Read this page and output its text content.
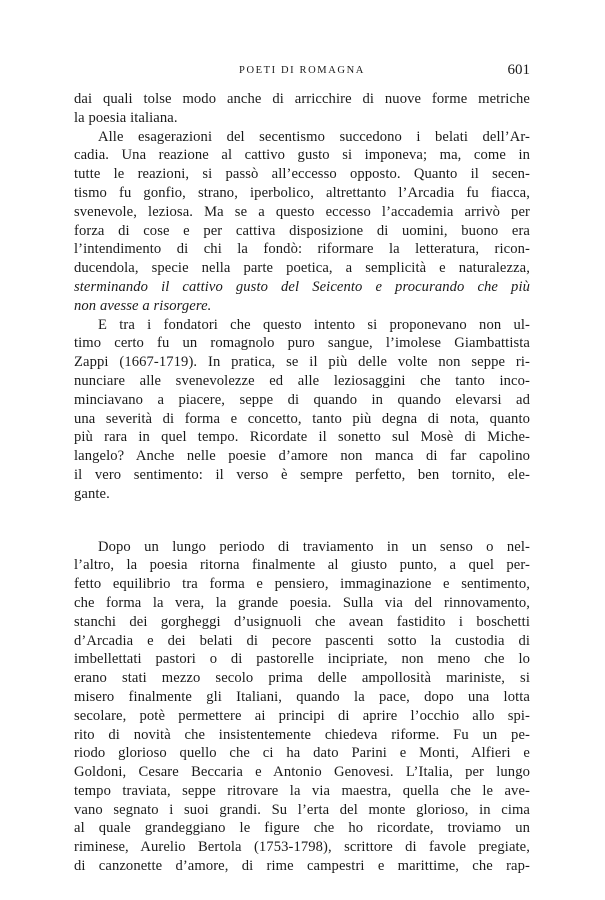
POETI DI ROMAGNA	601

dai quali tolse modo anche di arricchire di nuove forme metriche

la poesia italiana.

Alle esagerazioni del secentismo succedono i belati dell’Ar-

cadia. Una reazione al cattivo gusto si imponeva; ma, come in

tutte le reazioni, si passò all’eccesso opposto. Quanto il secen-

tismo fu gonfio, strano, iperbolico, altrettanto l’Arcadia fu fiacca,

svenevole, leziosa. Ma se a questo eccesso l’accademia arrivò per

forza di cose e per cattiva disposizione di uomini, buono era

l’intendimento di chi la fondò: riformare la letteratura, ricon-

ducendola, specie nella parte poetica, a semplicità e naturalezza,

sterminando il cattivo gusto del Seicento e procurando che più

non avesse a risorgere.

E tra i fondatori che questo intento si proponevano non ul-

timo certo fu un romagnolo puro sangue, l’imolese Giambattista

Zappi (1667-1719). In pratica, se il più delle volte non seppe ri-

nunciare alle svenevolezze ed alle leziosaggini che tanto inco-

minciavano a piacere, seppe di quando in quando elevarsi ad

una severità di forma e concetto, tanto più degna di nota, quanto

più rara in quel tempo. Ricordate il sonetto sul Mosè di Miche-

langelo? Anche nelle poesie d’amore non manca di far capolino

il vero sentimento: il verso è sempre perfetto, ben tornito, ele-

gante.

Dopo un lungo periodo di traviamento in un senso o nel-

l’altro, la poesia ritorna finalmente al giusto punto, a quel per-

fetto equilibrio tra forma e pensiero, immaginazione e sentimento,

che forma la vera, la grande poesia. Sulla via del rinnovamento,

stanchi dei gorgheggi d’usignuoli che avean fastidito i boschetti

d’Arcadia e dei belati di pecore pascenti sotto la custodia di

imbellettati pastori o di pastorelle incipriate, non meno che lo

erano stati mezzo secolo prima delle ampollosità mariniste, si

misero finalmente gli Italiani, quando la pace, dopo una lotta

secolare, potè permettere ai principi di aprire l’occhio allo spi-

rito di novità che insistentemente chiedeva riforme. Fu un pe-

riodo glorioso quello che ci ha dato Parini e Monti, Alfieri e

Goldoni, Cesare Beccaria e Antonio Genovesi. L’Italia, per lungo

tempo traviata, seppe ritrovare la via maestra, quella che le ave-

vano segnato i suoi grandi. Su l’erta del monte glorioso, in cima

al quale grandeggiano le figure che ho ricordate, troviamo un

riminese, Aurelio Bertola (1753-1798), scrittore di favole pregiate,

di canzonette d’amore, di rime campestri e marittime, che rap-
